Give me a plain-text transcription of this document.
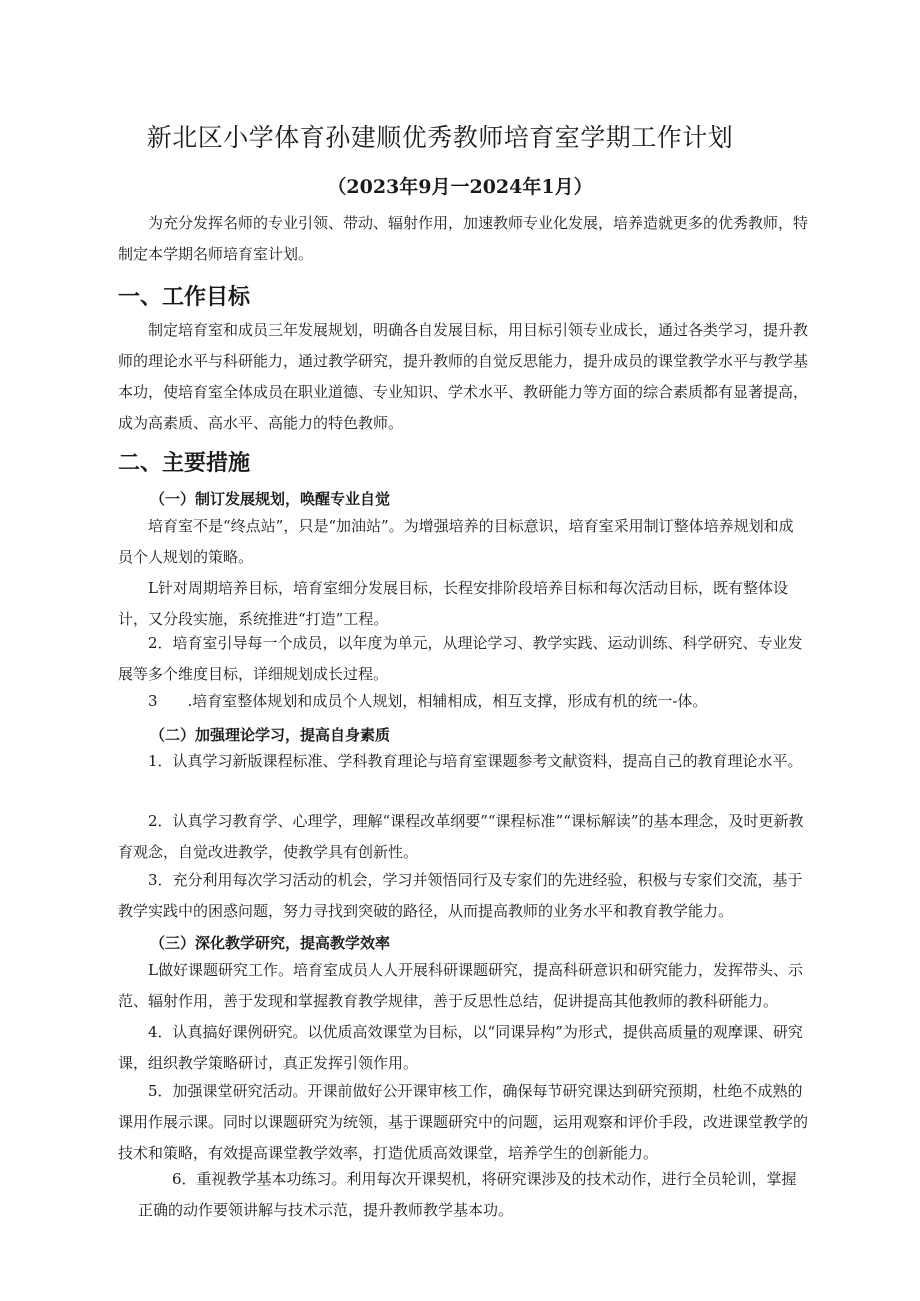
新北区小学体育孙建顺优秀教师培育室学期工作计划
（2023年9月一2024年1月）

为充分发挥名师的专业引领、带动、辐射作用，加速教师专业化发展，培养造就更多的优秀教师，特制定本学期名师培育室计划。

一、工作目标

制定培育室和成员三年发展规划，明确各自发展目标，用目标引领专业成长，通过各类学习，提升教师的理论水平与科研能力，通过教学研究，提升教师的自觉反思能力，提升成员的课堂教学水平与教学基本功，使培育室全体成员在职业道德、专业知识、学术水平、教研能力等方面的综合素质都有显著提高，成为高素质、高水平、高能力的特色教师。

二、主要措施
（一）制订发展规划，唤醒专业自觉

培育室不是“终点站”，只是“加油站”。为增强培养的目标意识，培育室采用制订整体培养规划和成员个人规划的策略。

L针对周期培养目标，培育室细分发展目标，长程安排阶段培养目标和每次活动目标，既有整体设计，又分段实施，系统推进“打造”工程。

2．培育室引导每一个成员，以年度为单元，从理论学习、教学实践、运动训练、科学研究、专业发展等多个维度目标，详细规划成长过程。

3　　.培育室整体规划和成员个人规划，相辅相成，相互支撑，形成有机的统一-体。

（二）加强理论学习，提高自身素质

1．认真学习新版课程标准、学科教育理论与培育室课题参考文献资料，提高自己的教育理论水平。

2．认真学习教育学、心理学，理解“课程改革纲要”“课程标准”“课标解读”的基本理念，及时更新教育观念，自觉改进教学，使教学具有创新性。

3．充分利用每次学习活动的机会，学习并领悟同行及专家们的先进经验，积极与专家们交流，基于教学实践中的困惑问题，努力寻找到突破的路径，从而提高教师的业务水平和教育教学能力。

（三）深化教学研究，提高教学效率

L做好课题研究工作。培育室成员人人开展科研课题研究，提高科研意识和研究能力，发挥带头、示范、辐射作用，善于发现和掌握教育教学规律，善于反思性总结，促讲提高其他教师的教科研能力。

4．认真搞好课例研究。以优质高效课堂为目标，以“同课异构”为形式，提供高质量的观摩课、研究课，组织教学策略研讨，真正发挥引领作用。

5．加强课堂研究活动。开课前做好公开课审核工作，确保每节研究课达到研究预期，杜绝不成熟的课用作展示课。同时以课题研究为统领，基于课题研究中的问题，运用观察和评价手段，改进课堂教学的技术和策略，有效提高课堂教学效率，打造优质高效课堂，培养学生的创新能力。

6．重视教学基本功练习。利用每次开课契机，将研究课涉及的技术动作，进行全员轮训，掌握正确的动作要领讲解与技术示范，提升教师教学基本功。
